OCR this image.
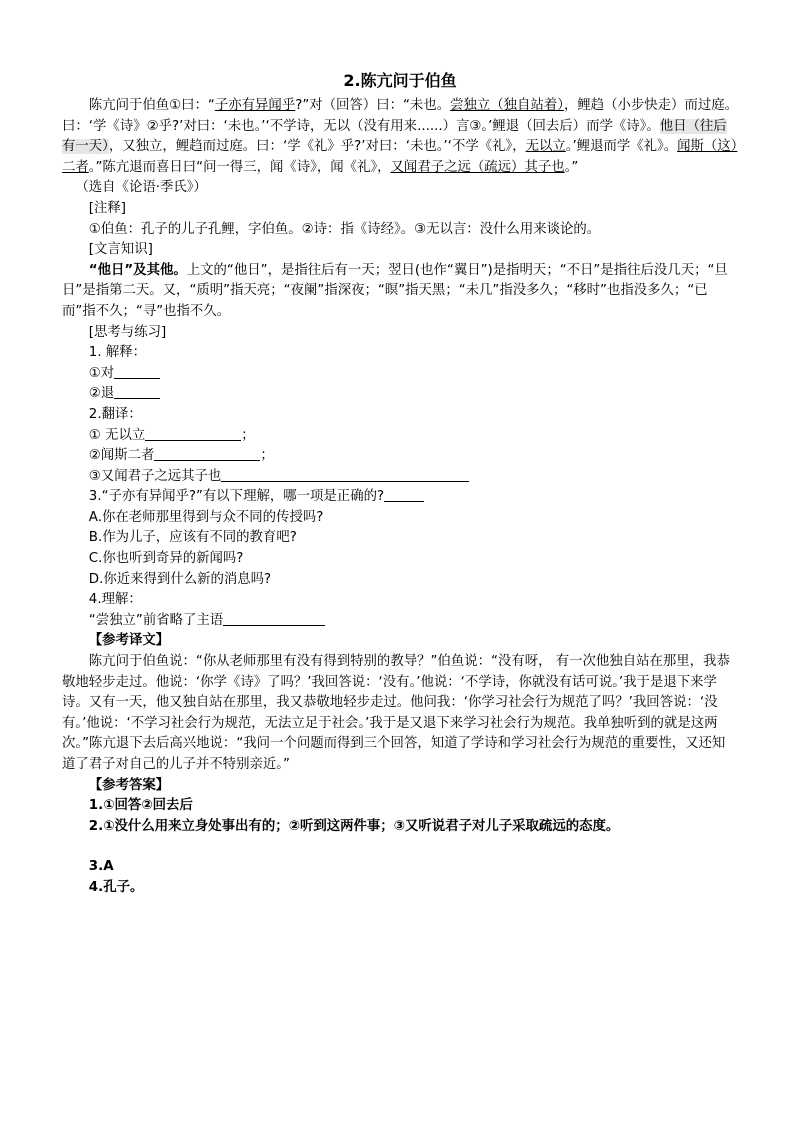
2.陈亢问于伯鱼

陈亢问于伯鱼①曰：“子亦有异闻乎?”对（回答）曰：“未也。尝独立（独自站着），鲤趋（小步快走）而过庭。曰：‘学《诗》②乎?’对曰：‘未也。’‘不学诗，无以（没有用来......）言③。’鲤退（回去后）而学《诗》。他日（往后有一天），又独立，鲤趋而过庭。曰：‘学《礼》乎?’对曰：‘未也。’‘不学《礼》，无以立。’鲤退而学《礼》。闻斯（这）二者。”陈亢退而喜日曰“问一得三，闻《诗》，闻《礼》，又闻君子之远（疏远）其子也。”

（选自《论语·季氏》）

[注释]

①伯鱼：孔子的儿子孔鲤，字伯鱼。②诗：指《诗经》。③无以言：没什么用来谈论的。

[文言知识]

“他日”及其他。上文的“他日”，是指往后有一天；翌日(也作“翼日”)是指明天；“不日”是指往后没几天；“旦日”是指第二天。又，“质明”指天亮；“夜阑”指深夜；“暝”指天黑；“未几”指没多久；“移时”也指没多久；“已而”指不久；“寻”也指不久。

[思考与练习]

1. 解释：

①对

②退

2.翻译：

① 无以立	；

②闻斯二者	；

③又闻君子之远其子也

3.“子亦有异闻乎?”有以下理解，哪一项是正确的?

A.你在老师那里得到与众不同的传授吗?

B.作为儿子，应该有不同的教育吧?

C.你也听到奇异的新闻吗?

D.你近来得到什么新的消息吗?

4.理解：

“尝独立”前省略了主语

【参考译文】

陈亢问于伯鱼说：“你从老师那里有没有得到特别的教导？”伯鱼说：“没有呀， 有一次他独自站在那里，我恭敬地轻步走过。他说：‘你学《诗》了吗？’我回答说：‘没有。’他说：‘不学诗，你就没有话可说。’我于是退下来学诗。又有一天，他又独自站在那里，我又恭敬地轻步走过。他问我：‘你学习社会行为规范了吗？’我回答说：‘没有。’他说：‘不学习社会行为规范，无法立足于社会。’我于是又退下来学习社会行为规范。我单独听到的就是这两次。”陈亢退下去后高兴地说：“我问一个问题而得到三个回答，知道了学诗和学习社会行为规范的重要性，又还知道了君子对自己的儿子并不特别亲近。”

【参考答案】

1.①回答②回去后

2.①没什么用来立身处事出有的；②听到这两件事；③又听说君子对儿子采取疏远的态度。

3.A

4.孔子。
